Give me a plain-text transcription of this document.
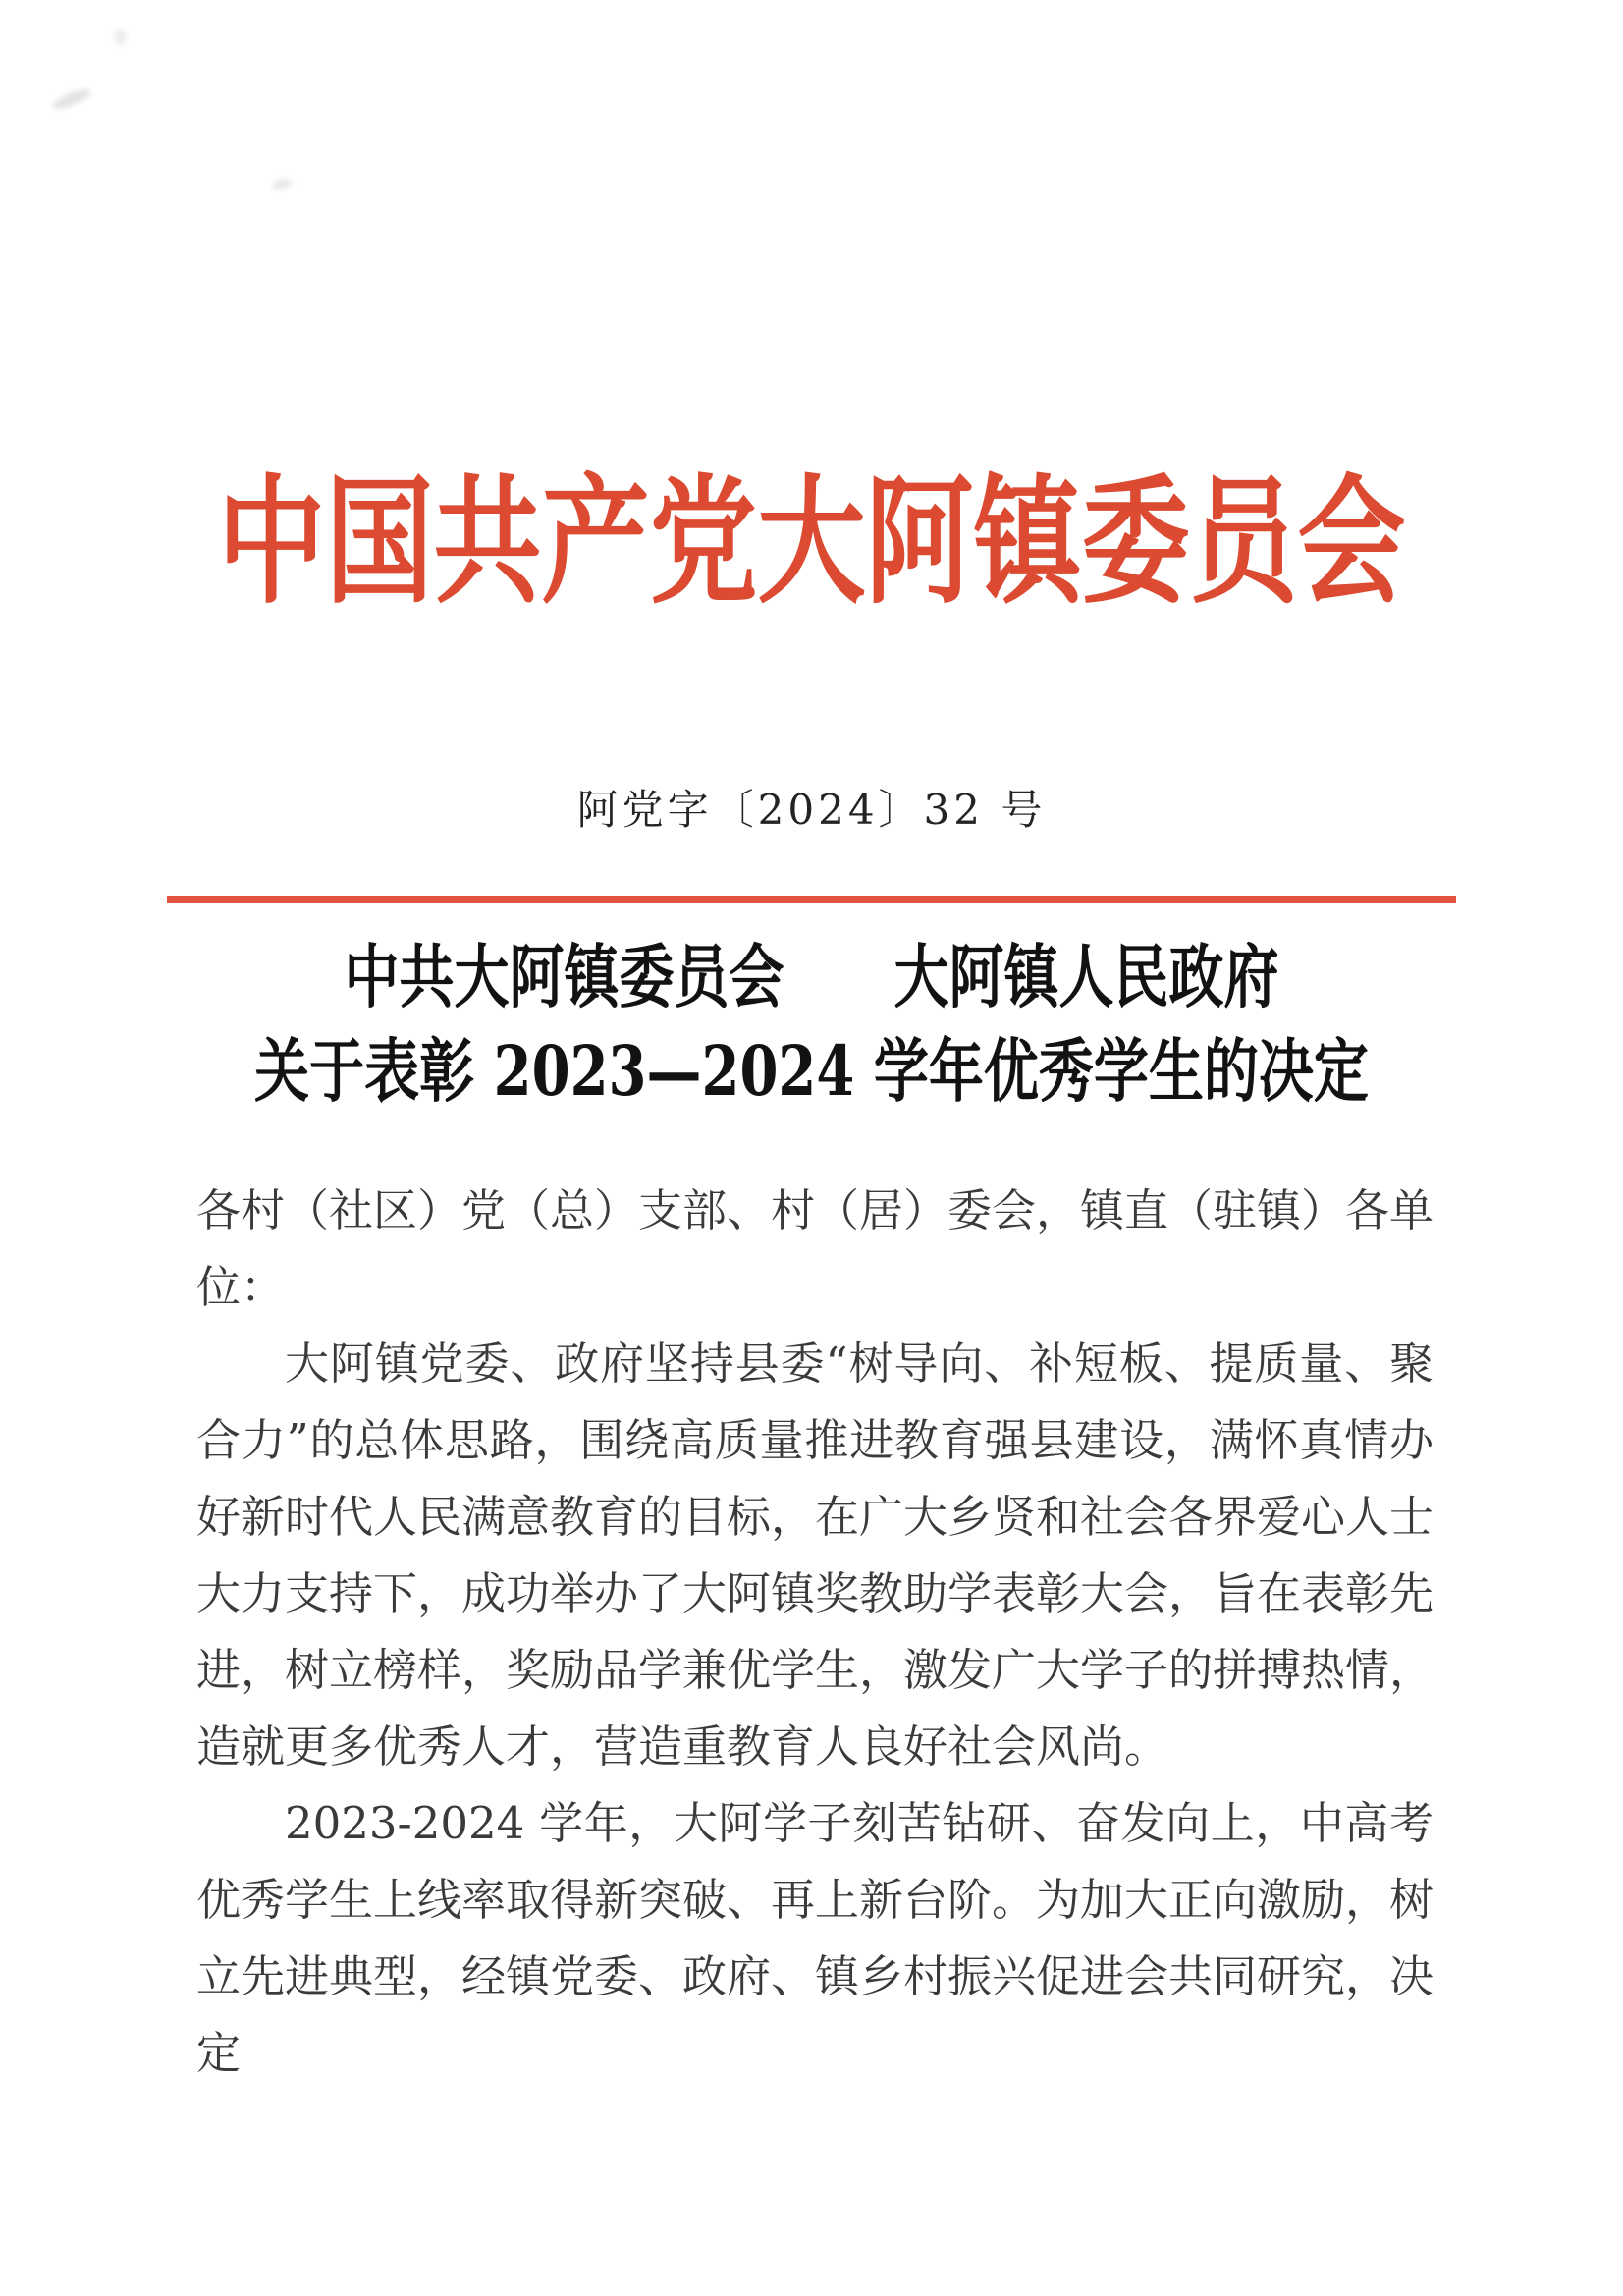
中国共产党大阿镇委员会
阿党字〔2024〕32 号
中共大阿镇委员会　　大阿镇人民政府
关于表彰 2023—2024 学年优秀学生的决定

各村（社区）党（总）支部、村（居）委会，镇直（驻镇）各单位：

大阿镇党委、政府坚持县委“树导向、补短板、提质量、聚合力”的总体思路，围绕高质量推进教育强县建设，满怀真情办好新时代人民满意教育的目标，在广大乡贤和社会各界爱心人士大力支持下，成功举办了大阿镇奖教助学表彰大会，旨在表彰先进，树立榜样，奖励品学兼优学生，激发广大学子的拼搏热情，造就更多优秀人才，营造重教育人良好社会风尚。

2023-2024 学年，大阿学子刻苦钻研、奋发向上，中高考优秀学生上线率取得新突破、再上新台阶。为加大正向激励，树立先进典型，经镇党委、政府、镇乡村振兴促进会共同研究，决定
